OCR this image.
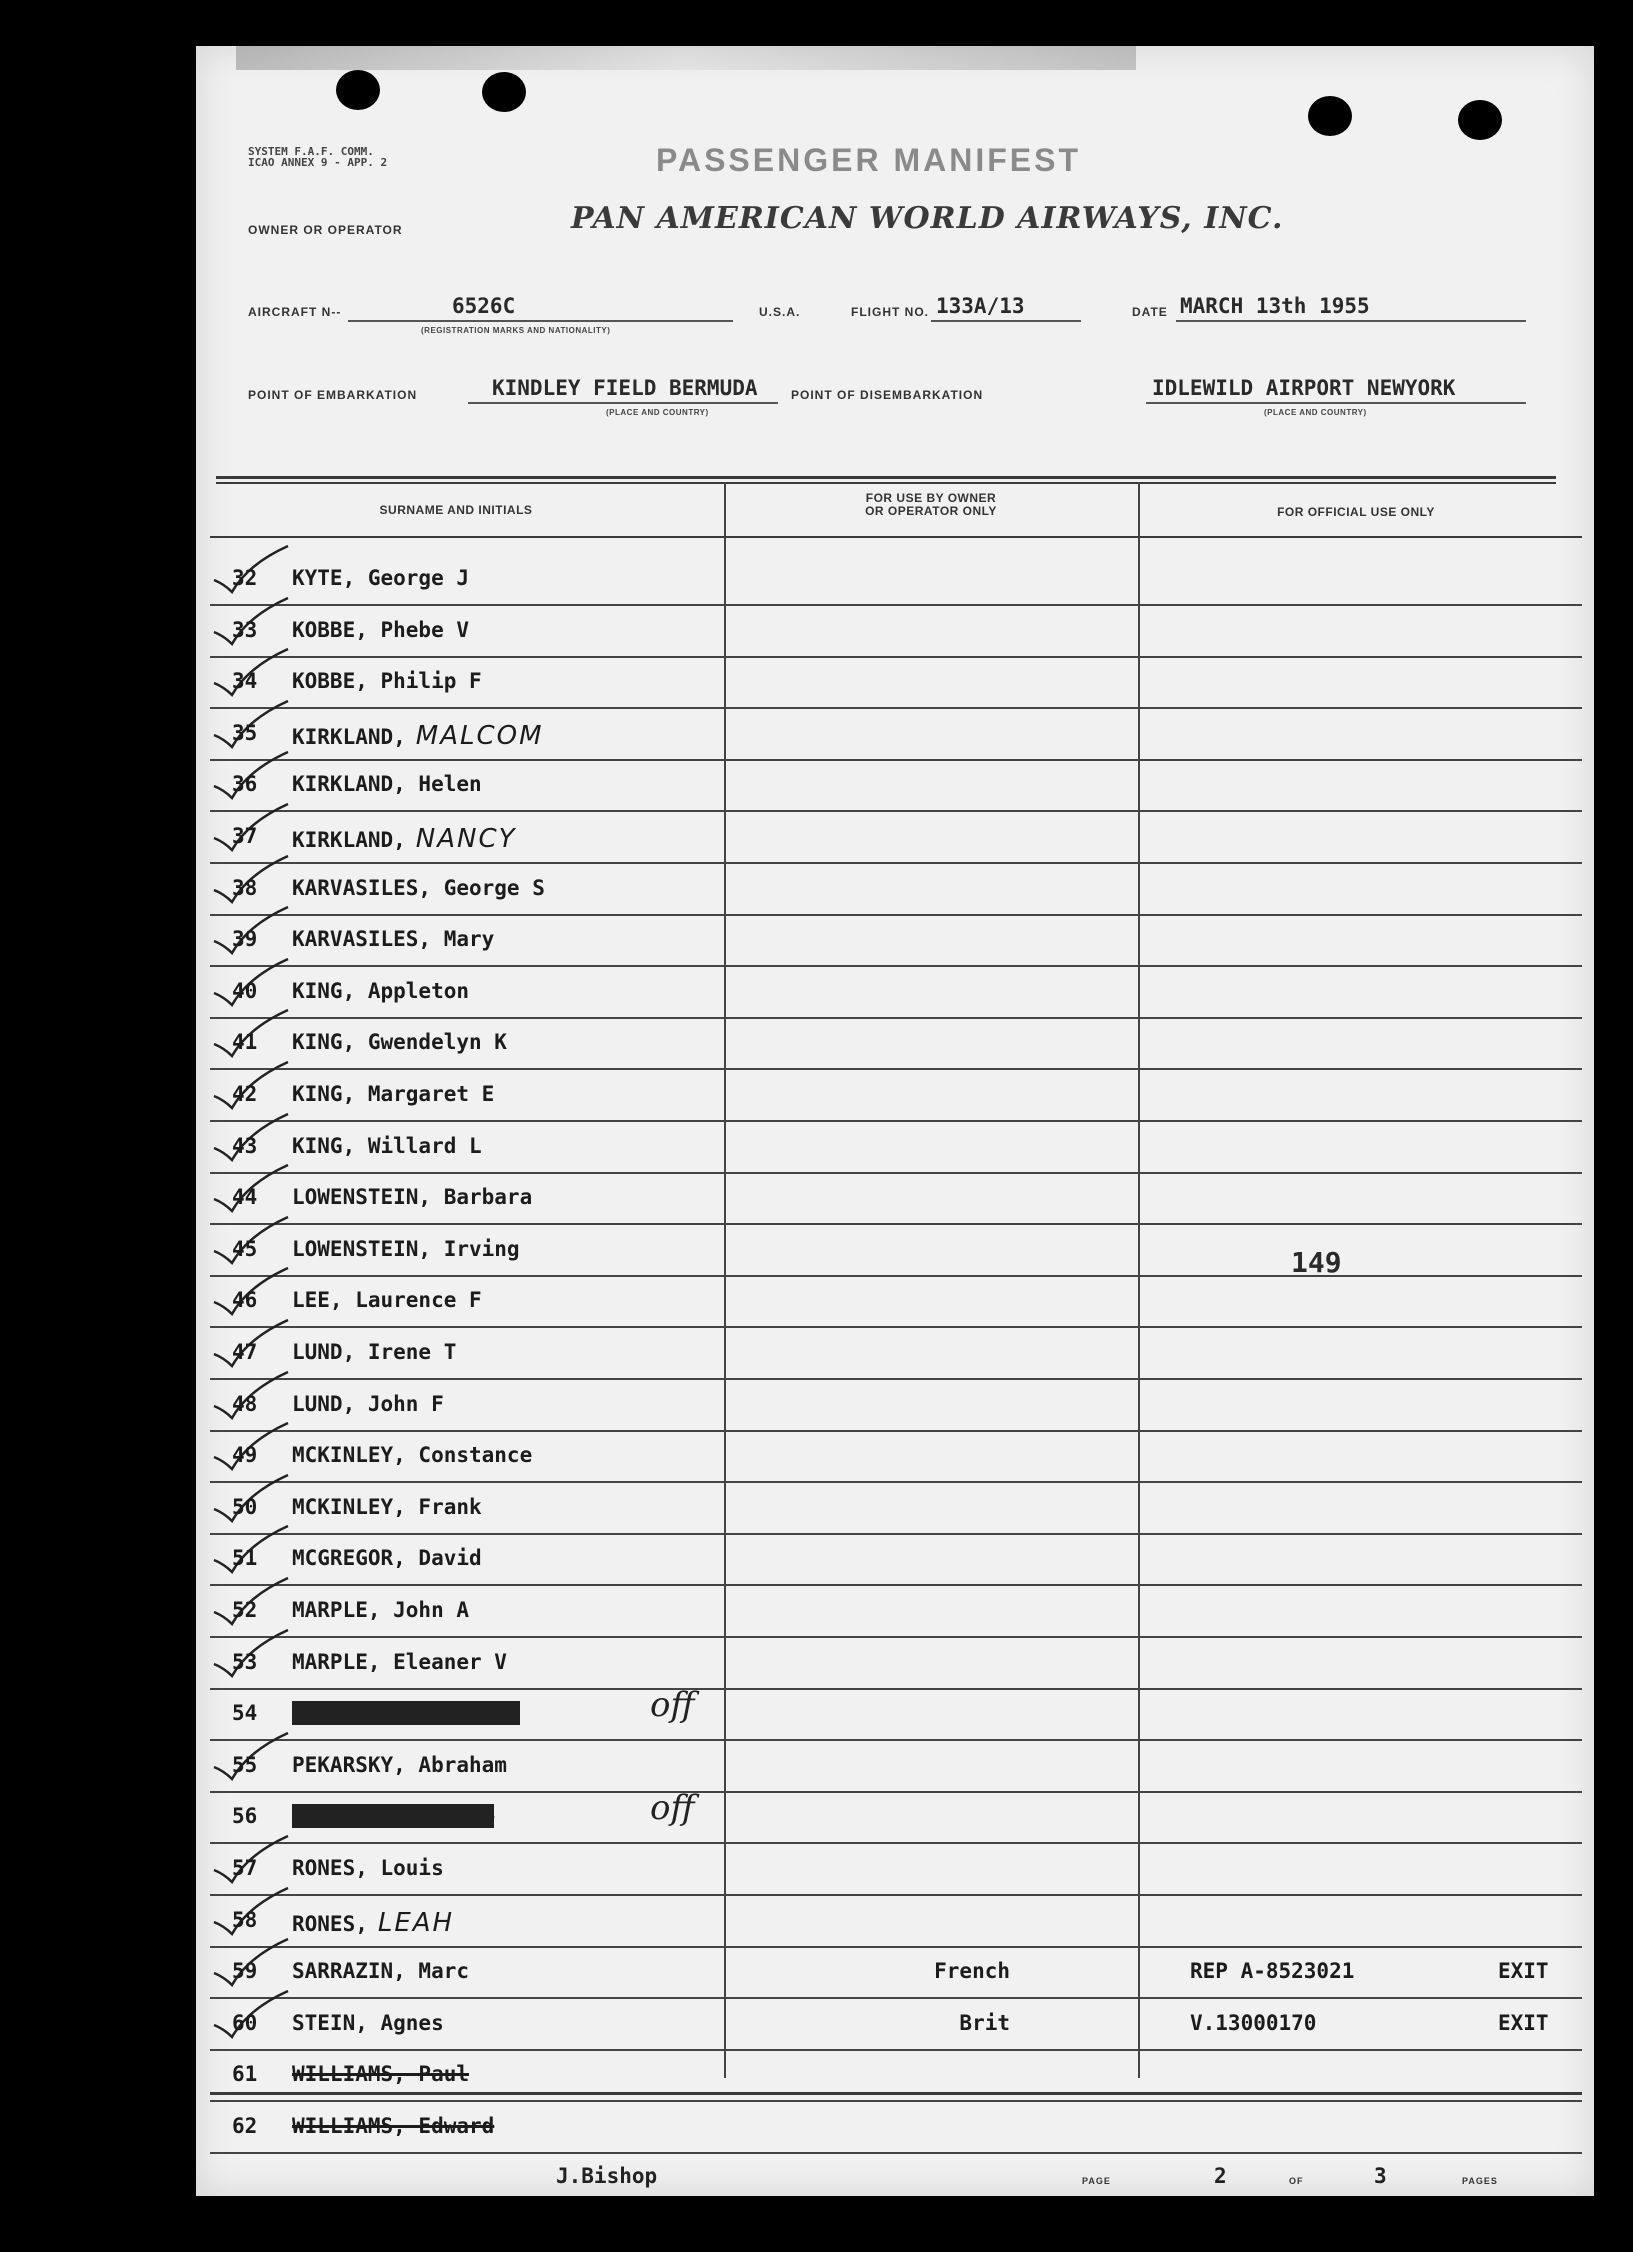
SYSTEM F.A.F. COMM.
ICAO ANNEX 9 - APP. 2	PASSENGER MANIFEST
OWNER OR OPERATOR	PAN AMERICAN WORLD AIRWAYS, INC.
AIRCRAFT N--	6526C
(REGISTRATION MARKS AND NATIONALITY)
U.S.A.	FLIGHT NO. 133A/13	DATE MARCH 13th 1955
POINT OF EMBARKATION	KINDLEY FIELD BERMUDA
(PLACE AND COUNTRY)
POINT OF DISEMBARKATION	IDLEWILD AIRPORT NEWYORK
(PLACE AND COUNTRY)
SURNAME AND INITIALS
FOR USE BY OWNER
OR OPERATOR ONLY	FOR OFFICIAL USE ONLY
32	KYTE, George J
33	KOBBE, Phebe V
34	KOBBE, Philip F
35	KIRKLAND, MALCOM
36	KIRKLAND, Helen
37	KIRKLAND, NANCY
38	KARVASILES, George S
39	KARVASILES, Mary
40	KING, Appleton
41	KING, Gwendelyn K
42	KING, Margaret E
43	KING, Willard L
44	LOWENSTEIN, Barbara
45	LOWENSTEIN, Irving
46	LEE, Laurence F
47	LUND, Irene T
48	LUND, John F
49	MCKINLEY, Constance
50	MCKINLEY, Frank
51	MCGREGOR, David
52	MARPLE, John A
53	MARPLE, Eleaner V
54	OSBORNE, Eleanor C	off
55	PEKARSKY, Abraham
56	PIERCE, Denise E	off
57	RONES, Louis
58	RONES, LEAH
59	SARRAZIN, Marc	French	REP A-8523021	EXIT
60	STEIN, Agnes	Brit	V.13000170	EXIT
61	WILLIAMS, Paul
62	WILLIAMS, Edward
149
J.Bishop	PAGE	2	OF	3	PAGES
